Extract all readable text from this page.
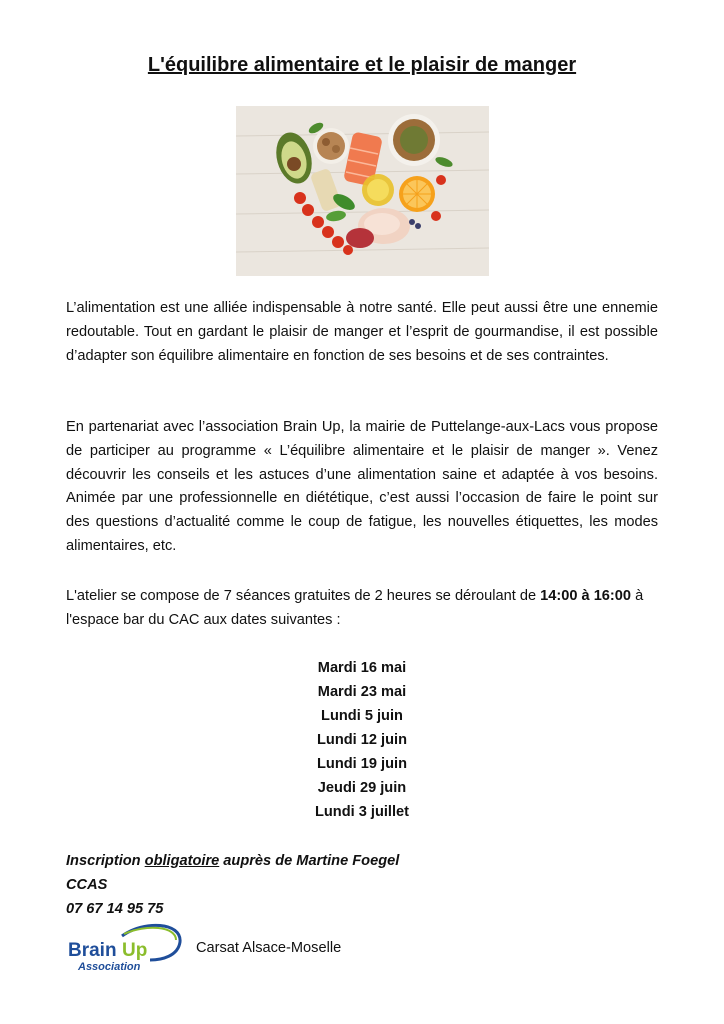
L'équilibre alimentaire et le plaisir de manger
L’alimentation est une alliée indispensable à notre santé. Elle peut aussi être une ennemie redoutable. Tout en gardant le plaisir de manger et l’esprit de gourmandise, il est possible d’adapter son équilibre alimentaire en fonction de ses besoins et de ses contraintes.
En partenariat avec l’association Brain Up, la mairie de Puttelange-aux-Lacs vous propose de participer au programme « L’équilibre alimentaire et le plaisir de manger ». Venez découvrir les conseils et les astuces d’une alimentation saine et adaptée à vos besoins. Animée par une professionnelle en diététique, c’est aussi l’occasion de faire le point sur des questions d’actualité comme le coup de fatigue, les nouvelles étiquettes, les modes alimentaires, etc.
L'atelier se compose de 7 séances gratuites de 2 heures se déroulant de 14:00 à 16:00 à l'espace bar du CAC aux dates suivantes :
Mardi 16 mai
Mardi 23 mai
Lundi 5 juin
Lundi 12 juin
Lundi 19 juin
Jeudi 29 juin
Lundi 3 juillet
Inscription obligatoire auprès de Martine Foegel
CCAS
07 67 14 95 75
Brain Up
Association
Carsat Alsace-Moselle
